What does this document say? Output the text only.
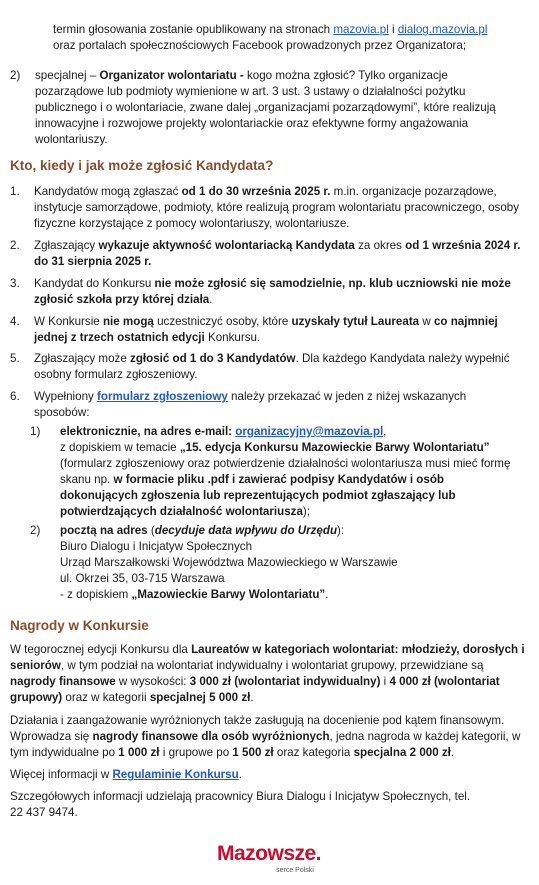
termin głosowania zostanie opublikowany na stronach mazovia.pl i dialog.mazovia.pl
oraz portalach społecznościowych Facebook prowadzonych przez Organizatora;

2)	specjalnej – Organizator wolontariatu - kogo można zgłosić? Tylko organizacje pozarządowe lub podmioty wymienione w art. 3 ust. 3 ustawy o działalności pożytku publicznego i o wolontariacie, zwane dalej „organizacjami pozarządowymi”, które realizują innowacyjne i rozwojowe projekty wolontariackie oraz efektywne formy angażowania wolontariuszy.
Kto, kiedy i jak może zgłosić Kandydata?
1.	Kandydatów mogą zgłaszać od 1 do 30 września 2025 r. m.in. organizacje pozarządowe, instytucje samorządowe, podmioty, które realizują program wolontariatu pracowniczego, osoby fizyczne korzystające z pomocy wolontariuszy, wolontariusze.
2.	Zgłaszający wykazuje aktywność wolontariacką Kandydata za okres od 1 września 2024 r. do 31 sierpnia 2025 r.
3.	Kandydat do Konkursu nie może zgłosić się samodzielnie, np. klub uczniowski nie może zgłosić szkoła przy której działa.
4.	W Konkursie nie mogą uczestniczyć osoby, które uzyskały tytuł Laureata w co najmniej jednej z trzech ostatnich edycji Konkursu.
5.	Zgłaszający może zgłosić od 1 do 3 Kandydatów. Dla każdego Kandydata należy wypełnić osobny formularz zgłoszeniowy.
6.	Wypełniony formularz zgłoszeniowy należy przekazać w jeden z niżej wskazanych sposobów:
1)	elektronicznie, na adres e-mail: organizacyjny@mazovia.pl,
z dopiskiem w temacie „15. edycja Konkursu Mazowieckie Barwy Wolontariatu” (formularz zgłoszeniowy oraz potwierdzenie działalności wolontariusza musi mieć formę skanu np. w formacie pliku .pdf i zawierać podpisy Kandydatów i osób dokonujących zgłoszenia lub reprezentujących podmiot zgłaszający lub potwierdzających działalność wolontariusza);
2)	pocztą na adres (decyduje data wpływu do Urzędu):
Biuro Dialogu i Inicjatyw Społecznych
Urząd Marszałkowski Województwa Mazowieckiego w Warszawie
ul. Okrzei 35, 03-715 Warszawa
- z dopiskiem „Mazowieckie Barwy Wolontariatu”.
Nagrody w Konkursie
W tegorocznej edycji Konkursu dla Laureatów w kategoriach wolontariat: młodzieży, dorosłych i seniorów, w tym podział na wolontariat indywidualny i wolontariat grupowy, przewidziane są nagrody finansowe w wysokości: 3 000 zł (wolontariat indywidualny) i 4 000 zł (wolontariat grupowy) oraz w kategorii specjalnej 5 000 zł.
Działania i zaangażowanie wyróżnionych także zasługują na docenienie pod kątem finansowym. Wprowadza się nagrody finansowe dla osób wyróżnionych, jedna nagroda w każdej kategorii, w tym indywidualne po 1 000 zł i grupowe po 1 500 zł oraz kategoria specjalna 2 000 zł.
Więcej informacji w Regulaminie Konkursu.
Szczegółowych informacji udzielają pracownicy Biura Dialogu i Inicjatyw Społecznych, tel. 22 437 9474.
Mazowsze.
serce Polski
